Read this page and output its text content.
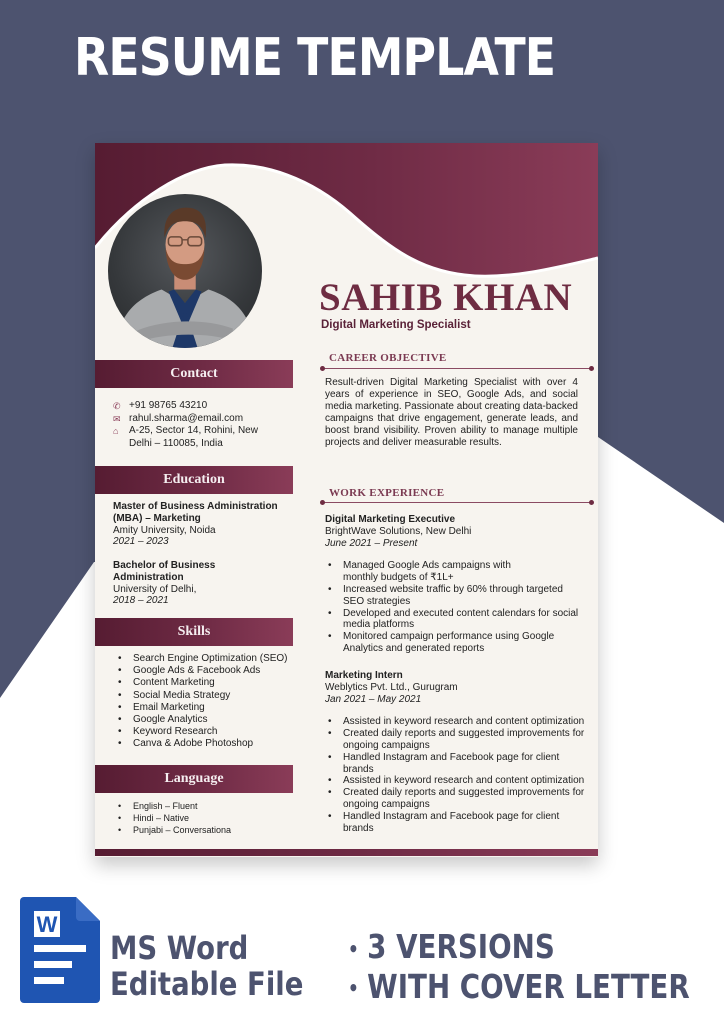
RESUME TEMPLATE
SAHIB KHAN
Digital Marketing Specialist
Contact
✆ +91 98765 43210
✉ rahul.sharma@email.com
⌂	A-25, Sector 14, Rohini, New Delhi – 110085, India
Education
Master of Business Administration (MBA) – Marketing
Amity University, Noida
2021 – 2023
Bachelor of Business Administration
University of Delhi,
2018 – 2021
Skills
• Search Engine Optimization (SEO)
• Google Ads & Facebook Ads
• Content Marketing
• Social Media Strategy
• Email Marketing
• Google Analytics
• Keyword Research
• Canva & Adobe Photoshop
Language
• English – Fluent
• Hindi – Native
• Punjabi – Conversationa
CAREER OBJECTIVE
Result-driven Digital Marketing Specialist with over 4 years of experience in SEO, Google Ads, and social media marketing. Passionate about creating data-backed campaigns that drive engagement, generate leads, and boost brand visibility. Proven ability to manage multiple projects and deliver measurable results.
WORK EXPERIENCE
Digital Marketing Executive
BrightWave Solutions, New Delhi
June 2021 – Present
• Managed Google Ads campaigns with monthly budgets of ₹1L+
• Increased website traffic by 60% through targeted SEO strategies
• Developed and executed content calendars for social media platforms
• Monitored campaign performance using Google Analytics and generated reports
Marketing Intern
Weblytics Pvt. Ltd., Gurugram
Jan 2021 – May 2021
• Assisted in keyword research and content optimization
• Created daily reports and suggested improvements for ongoing campaigns
• Handled Instagram and Facebook page for client brands
• Assisted in keyword research and content optimization
• Created daily reports and suggested improvements for ongoing campaigns
• Handled Instagram and Facebook page for client brands
W
MS Word
Editable File
• 3 VERSIONS
• WITH COVER LETTER
